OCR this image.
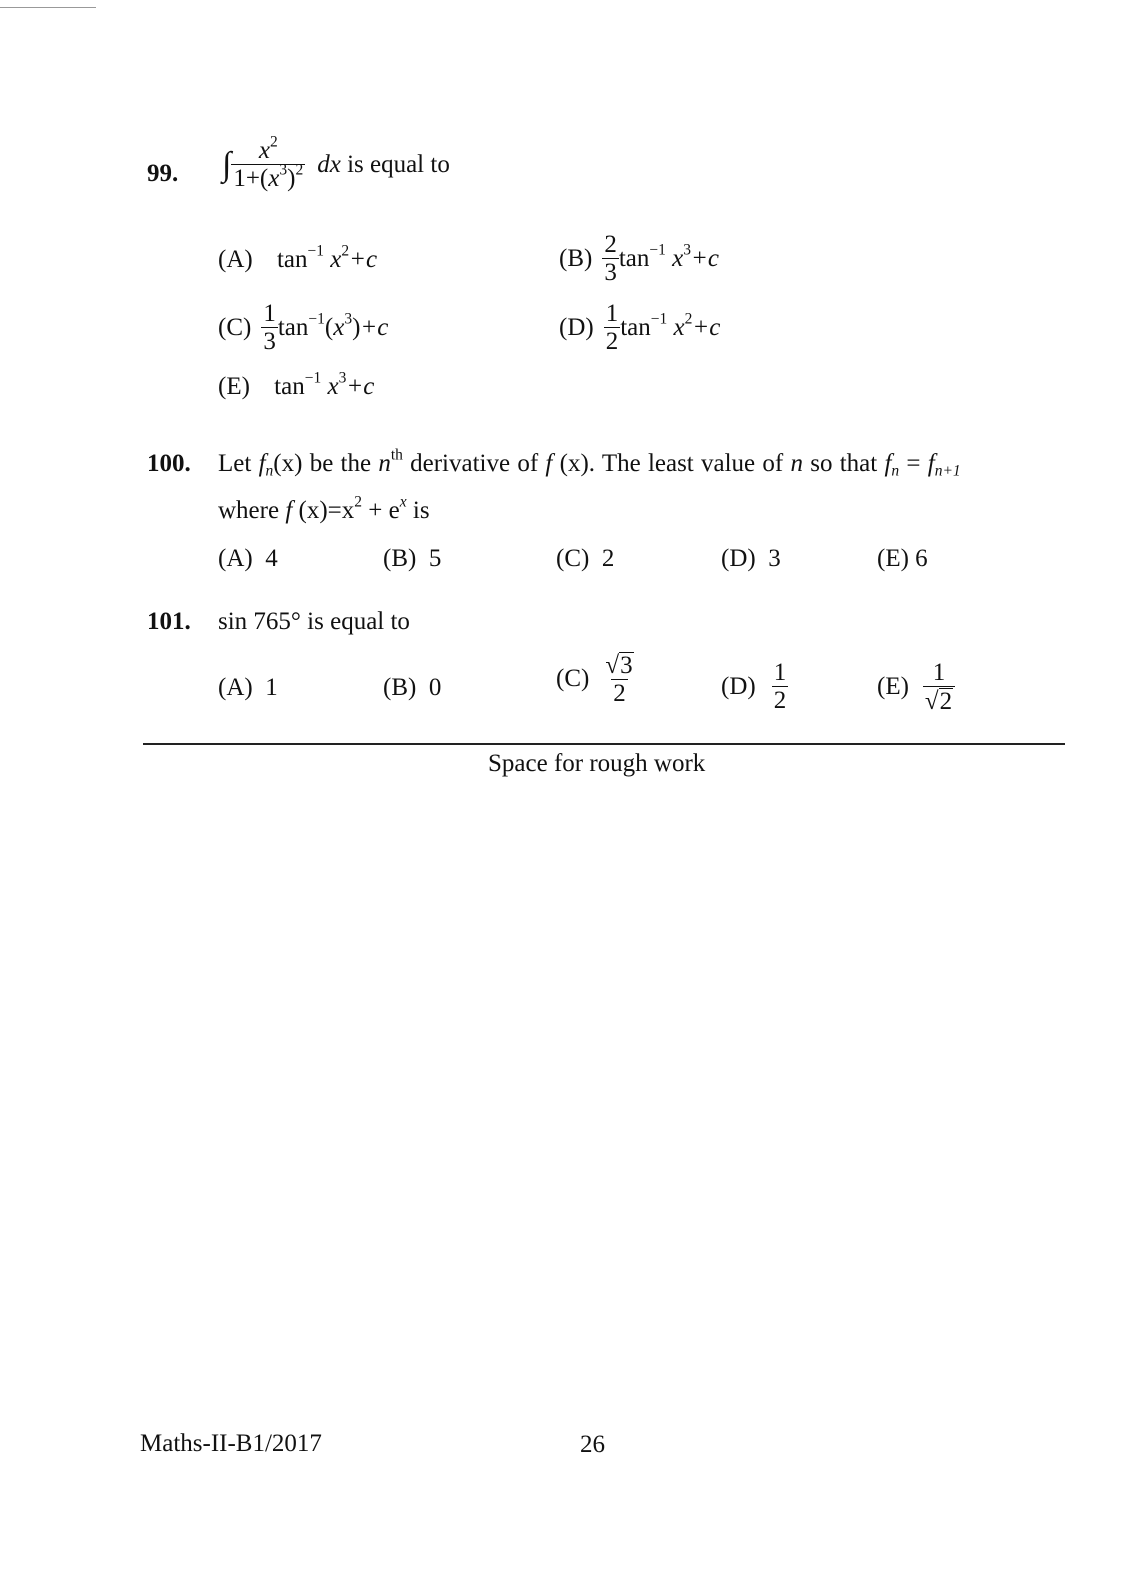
99. ∫ $\frac{x^2}{1+(x^3)^2}$ dx is equal to
(A) $\tan^{-1} x^2+c$	$(B) \frac{2}{3} \tan^{-1} x^3+c$
$(C) \frac{1}{3} \tan^{-1}(x^3)+c$	$(D) \frac{1}{2} \tan^{-1} x^2+c$
(E) $\tan^{-1} x^3+c$
100. Let $f_n(x)$ be the $n^{th}$ derivative of f (x). The least value of n so that $f_n = f_{n+1}$
where f $(x)=x^2 + e^x$ is
(A) 4	(B) 5	(C) 2	(D) 3	(E) 6
101. sin 765° is equal to
(A) 1	(B) 0	$(C) \frac{√ 3}{2}$	$(D) \frac{1}{2}$	$(E) \frac{1}{√ 2}$
Space for rough work
Maths-II-B1/2017	26
